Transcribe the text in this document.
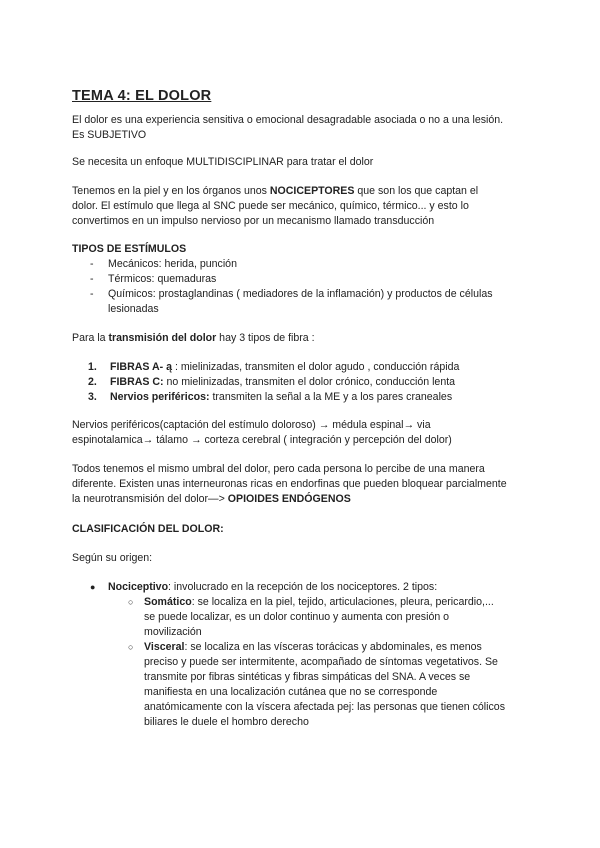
TEMA 4: EL DOLOR
El dolor es una experiencia sensitiva o emocional desagradable asociada o no a una lesión.
Es SUBJETIVO
Se necesita un enfoque MULTIDISCIPLINAR para tratar el dolor
Tenemos en la piel y en los órganos unos NOCICEPTORES que son los que captan el
dolor. El estímulo que llega al SNC puede ser mecánico, químico, térmico... y esto lo
convertimos en un impulso nervioso por un mecanismo llamado transducción
TIPOS DE ESTÍMULOS
- Mecánicos: herida, punción
- Térmicos: quemaduras
- Químicos: prostaglandinas ( mediadores de la inflamación) y productos de células
lesionadas
Para la transmisión del dolor hay 3 tipos de fibra :
1. FIBRAS A- ą : mielinizadas, transmiten el dolor agudo , conducción rápida
2. FIBRAS C: no mielinizadas, transmiten el dolor crónico, conducción lenta
3. Nervios periféricos: transmiten la señal a la ME y a los pares craneales
Nervios periféricos(captación del estímulo doloroso) → médula espinal→ via
espinotalamica→ tálamo → corteza cerebral ( integración y percepción del dolor)
Todos tenemos el mismo umbral del dolor, pero cada persona lo percibe de una manera
diferente. Existen unas interneuronas ricas en endorfinas que pueden bloquear parcialmente
la neurotransmisión del dolor—> OPIOIDES ENDÓGENOS
CLASIFICACIÓN DEL DOLOR:
Según su origen:
● Nociceptivo: involucrado en la recepción de los nociceptores. 2 tipos:
○ Somático: se localiza en la piel, tejido, articulaciones, pleura, pericardio,...
se puede localizar, es un dolor continuo y aumenta con presión o
movilización
○ Visceral: se localiza en las vísceras torácicas y abdominales, es menos
preciso y puede ser intermitente, acompañado de síntomas vegetativos. Se
transmite por fibras sintéticas y fibras simpáticas del SNA. A veces se
manifiesta en una localización cutánea que no se corresponde
anatómicamente con la víscera afectada pej: las personas que tienen cólicos
biliares le duele el hombro derecho
